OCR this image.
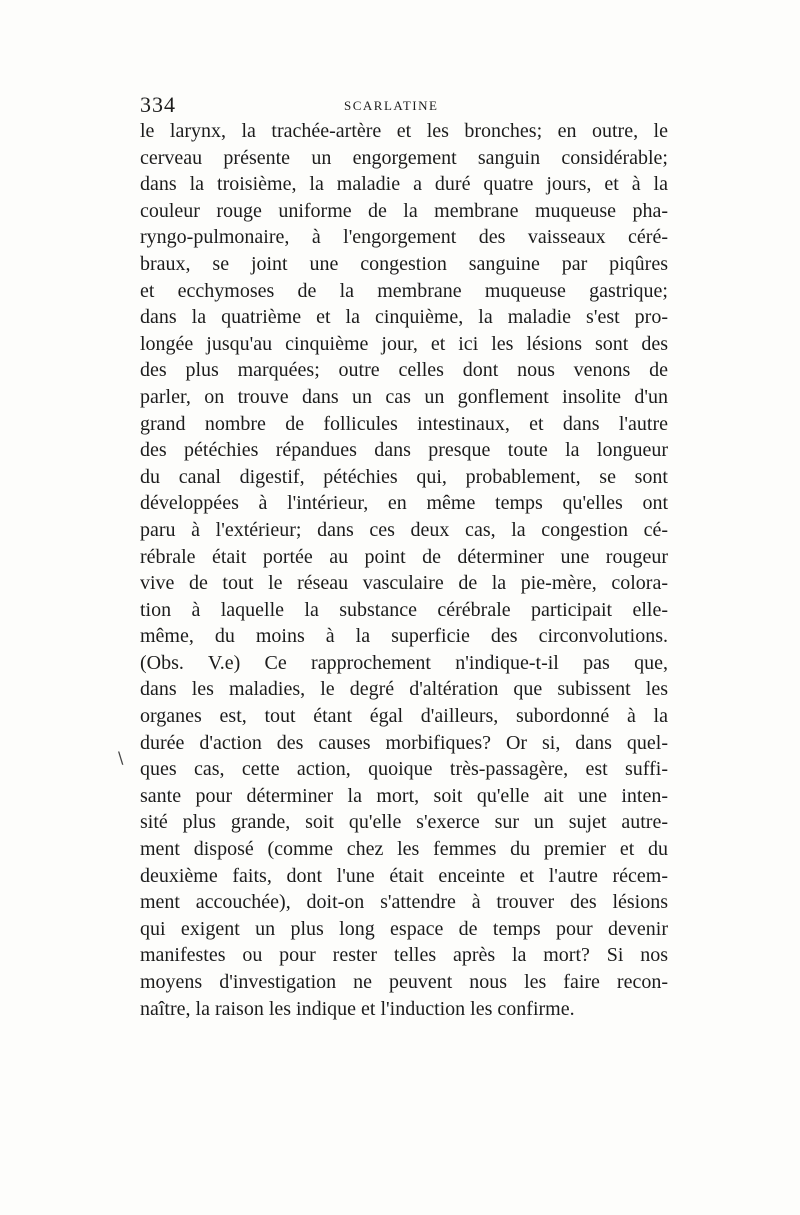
334	SCARLATINE
le larynx, la trachée-artère et les bronches; en outre, le
cerveau présente un engorgement sanguin considérable;
dans la troisième, la maladie a duré quatre jours, et à la
couleur rouge uniforme de la membrane muqueuse pha-
ryngo-pulmonaire, à l'engorgement des vaisseaux céré-
braux, se joint une congestion sanguine par piqûres
et ecchymoses de la membrane muqueuse gastrique;
dans la quatrième et la cinquième, la maladie s'est pro-
longée jusqu'au cinquième jour, et ici les lésions sont des
des plus marquées; outre celles dont nous venons de
parler, on trouve dans un cas un gonflement insolite d'un
grand nombre de follicules intestinaux, et dans l'autre
des pétéchies répandues dans presque toute la longueur
du canal digestif, pétéchies qui, probablement, se sont
développées à l'intérieur, en même temps qu'elles ont
paru à l'extérieur; dans ces deux cas, la congestion cé-
rébrale était portée au point de déterminer une rougeur
vive de tout le réseau vasculaire de la pie-mère, colora-
tion à laquelle la substance cérébrale participait elle-
même, du moins à la superficie des circonvolutions.
(Obs. V.e) Ce rapprochement n'indique-t-il pas que,
dans les maladies, le degré d'altération que subissent les
organes est, tout étant égal d'ailleurs, subordonné à la
durée d'action des causes morbifiques? Or si, dans quel-
ques cas, cette action, quoique très-passagère, est suffi-
sante pour déterminer la mort, soit qu'elle ait une inten-
sité plus grande, soit qu'elle s'exerce sur un sujet autre-
ment disposé (comme chez les femmes du premier et du
deuxième faits, dont l'une était enceinte et l'autre récem-
ment accouchée), doit-on s'attendre à trouver des lésions
qui exigent un plus long espace de temps pour devenir
manifestes ou pour rester telles après la mort? Si nos
moyens d'investigation ne peuvent nous les faire recon-
naître, la raison les indique et l'induction les confirme.
\
